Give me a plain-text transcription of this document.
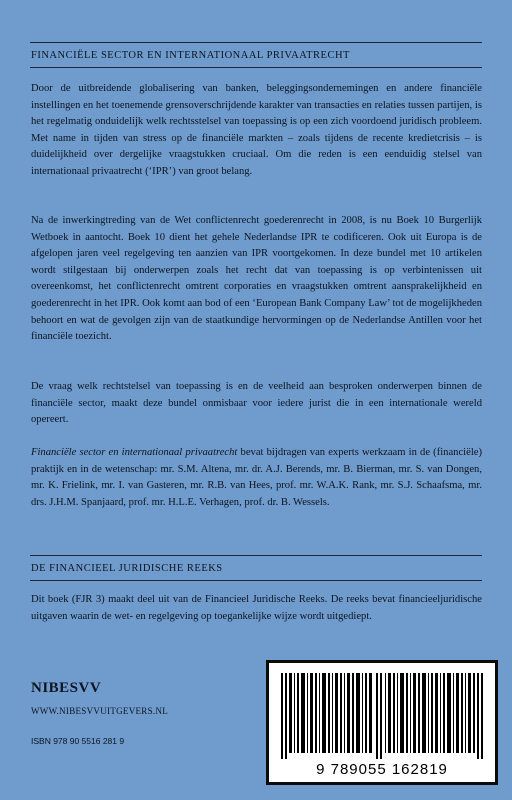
FINANCIËLE SECTOR EN INTERNATIONAAL PRIVAATRECHT

Door de uitbreidende globalisering van banken, beleggingsondernemingen en andere financiële instellingen en het toenemende grensoverschrijdende karakter van transacties en relaties tussen partijen, is het regelmatig onduidelijk welk rechtsstelsel van toepassing is op een zich voordoend juridisch probleem. Met name in tijden van stress op de financiële markten – zoals tijdens de recente kredietcrisis – is duidelijkheid over dergelijke vraagstukken cruciaal. Om die reden is een eenduidig stelsel van internationaal privaatrecht (‘IPR’) van groot belang.

Na de inwerkingtreding van de Wet conflictenrecht goederenrecht in 2008, is nu Boek 10 Burgerlijk Wetboek in aantocht. Boek 10 dient het gehele Nederlandse IPR te codificeren. Ook uit Europa is de afgelopen jaren veel regelgeving ten aanzien van IPR voortgekomen. In deze bundel met 10 artikelen wordt stilgestaan bij onderwerpen zoals het recht dat van toepassing is op verbintenissen uit overeenkomst, het conflictenrecht omtrent corporaties en vraagstukken omtrent aansprakelijkheid en goederenrecht in het IPR. Ook komt aan bod of een ‘European Bank Company Law’ tot de mogelijkheden behoort en wat de gevolgen zijn van de staatkundige hervormingen op de Nederlandse Antillen voor het financiële toezicht.

De vraag welk rechtstelsel van toepassing is en de veelheid aan besproken onderwerpen binnen de financiële sector, maakt deze bundel onmisbaar voor iedere jurist die in een internationale wereld opereert.

Financiële sector en internationaal privaatrecht bevat bijdragen van experts werkzaam in de (financiële) praktijk en in de wetenschap: mr. S.M. Altena, mr. dr. A.J. Berends, mr. B. Bierman, mr. S. van Dongen, mr. K. Frielink, mr. I. van Gasteren, mr. R.B. van Hees, prof. mr. W.A.K. Rank, mr. S.J. Schaafsma, mr. drs. J.H.M. Spanjaard, prof. mr. H.L.E. Verhagen, prof. dr. B. Wessels.

DE FINANCIEEL JURIDISCHE REEKS

Dit boek (FJR 3) maakt deel uit van de Financieel Juridische Reeks. De reeks bevat financieeljuridische uitgaven waarin de wet- en regelgeving op toegankelijke wijze wordt uitgediept.

NIBESVV
WWW.NIBESVVUITGEVERS.NL
ISBN 978 90 5516 281 9
9 789055 162819
